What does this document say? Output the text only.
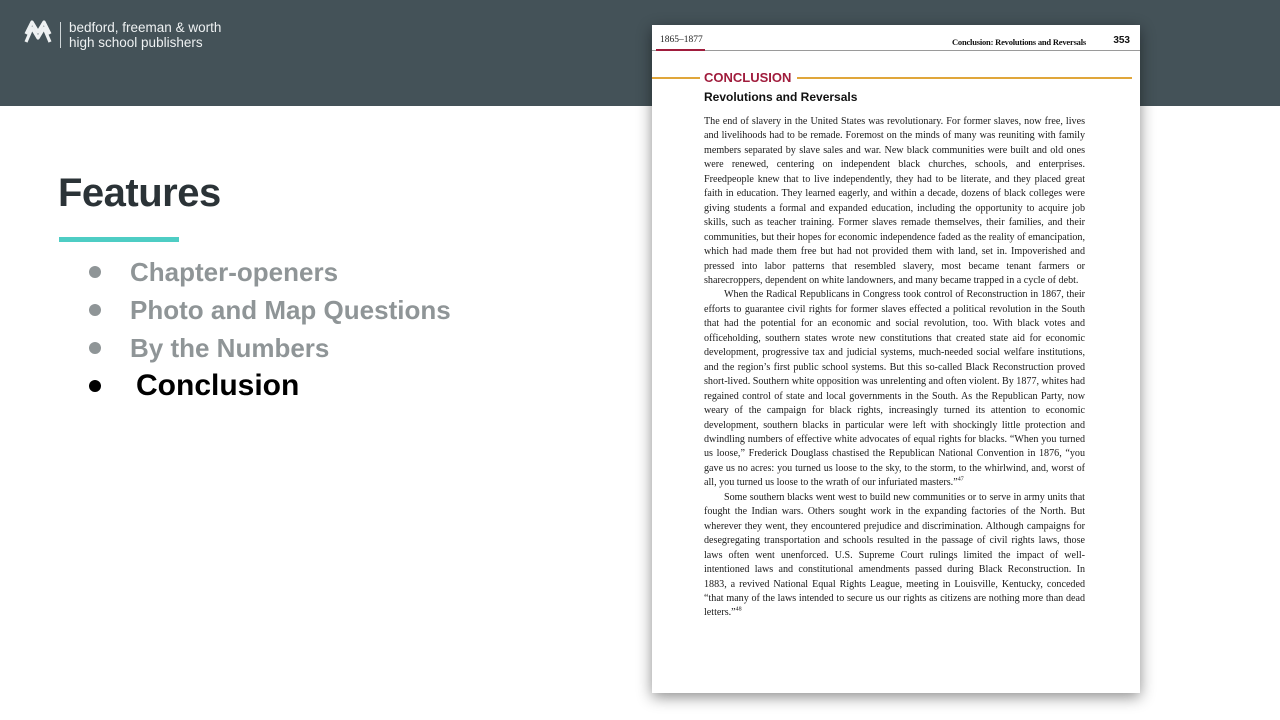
bedford, freeman & worth
high school publishers
Features
Chapter-openers
Photo and Map Questions
By the Numbers
Conclusion
1865–1877	Conclusion: Revolutions and Reversals	353
CONCLUSION
Revolutions and Reversals

The end of slavery in the United States was revolutionary. For former slaves, now free, lives and livelihoods had to be remade. Foremost on the minds of many was reuniting with family members separated by slave sales and war. New black communities were built and old ones were renewed, centering on independent black churches, schools, and enterprises. Freedpeople knew that to live independently, they had to be literate, and they placed great faith in education. They learned eagerly, and within a decade, dozens of black colleges were giving students a formal and expanded education, including the opportunity to acquire job skills, such as teacher training. Former slaves remade themselves, their families, and their communities, but their hopes for economic independence faded as the reality of emancipation, which had made them free but had not provided them with land, set in. Impoverished and pressed into labor patterns that resembled slavery, most became tenant farmers or sharecroppers, dependent on white landowners, and many became trapped in a cycle of debt.

When the Radical Republicans in Congress took control of Reconstruction in 1867, their efforts to guarantee civil rights for former slaves effected a political revolution in the South that had the potential for an economic and social revolution, too. With black votes and officeholding, southern states wrote new constitutions that created state aid for economic development, progressive tax and judicial systems, much-needed social welfare institutions, and the region’s first public school systems. But this so-called Black Reconstruction proved short-lived. Southern white opposition was unrelenting and often violent. By 1877, whites had regained control of state and local governments in the South. As the Republican Party, now weary of the campaign for black rights, increasingly turned its attention to economic development, southern blacks in particular were left with shockingly little protection and dwindling numbers of effective white advocates of equal rights for blacks. “When you turned us loose,” Frederick Douglass chastised the Republican National Convention in 1876, “you gave us no acres: you turned us loose to the sky, to the storm, to the whirlwind, and, worst of all, you turned us loose to the wrath of our infuriated masters.”$^{47}$

Some southern blacks went west to build new communities or to serve in army units that fought the Indian wars. Others sought work in the expanding factories of the North. But wherever they went, they encountered prejudice and discrimination. Although campaigns for desegregating transportation and schools resulted in the passage of civil rights laws, those laws often went unenforced. U.S. Supreme Court rulings limited the impact of well-intentioned laws and constitutional amendments passed during Black Reconstruction. In 1883, a revived National Equal Rights League, meeting in Louisville, Kentucky, conceded “that many of the laws intended to secure us our rights as citizens are nothing more than dead letters.”$^{48}$
